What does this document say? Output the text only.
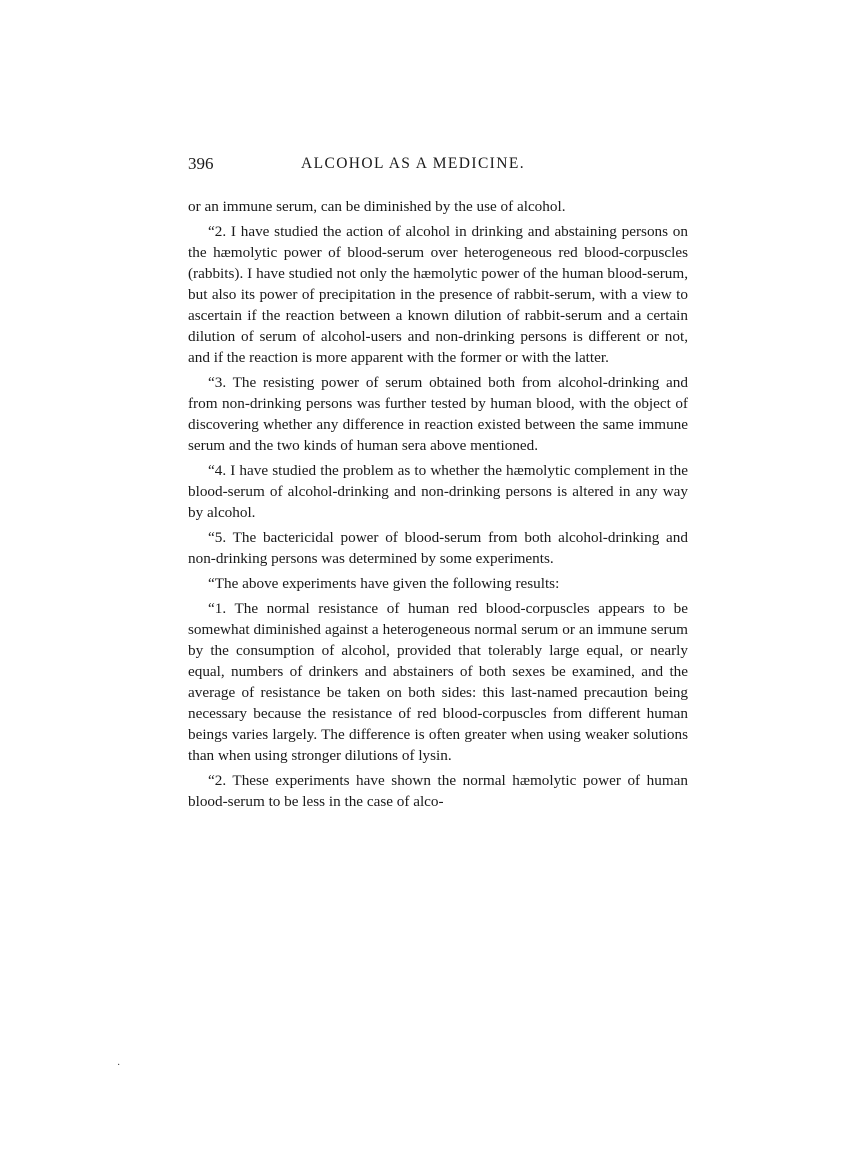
396	ALCOHOL AS A MEDICINE.

or an immune serum, can be diminished by the use of alcohol.

“2. I have studied the action of alcohol in drinking and abstaining persons on the hæmolytic power of blood-serum over heterogeneous red blood-corpuscles (rabbits). I have studied not only the hæmolytic power of the human blood-serum, but also its power of precipitation in the presence of rabbit-serum, with a view to ascertain if the reaction between a known dilution of rabbit-serum and a certain dilution of serum of alcohol-users and non-drinking persons is different or not, and if the reaction is more apparent with the former or with the latter.

“3. The resisting power of serum obtained both from alcohol-drinking and from non-drinking persons was further tested by human blood, with the object of discovering whether any difference in reaction existed between the same immune serum and the two kinds of human sera above mentioned.

“4. I have studied the problem as to whether the hæmolytic complement in the blood-serum of alcohol-drinking and non-drinking persons is altered in any way by alcohol.

“5. The bactericidal power of blood-serum from both alcohol-drinking and non-drinking persons was determined by some experiments.

“The above experiments have given the following results:

“1. The normal resistance of human red blood-corpuscles appears to be somewhat diminished against a heterogeneous normal serum or an immune serum by the consumption of alcohol, provided that tolerably large equal, or nearly equal, numbers of drinkers and abstainers of both sexes be examined, and the average of resistance be taken on both sides: this last-named precaution being necessary because the resistance of red blood-corpuscles from different human beings varies largely. The difference is often greater when using weaker solutions than when using stronger dilutions of lysin.

“2. These experiments have shown the normal hæmolytic power of human blood-serum to be less in the case of alco-

·
